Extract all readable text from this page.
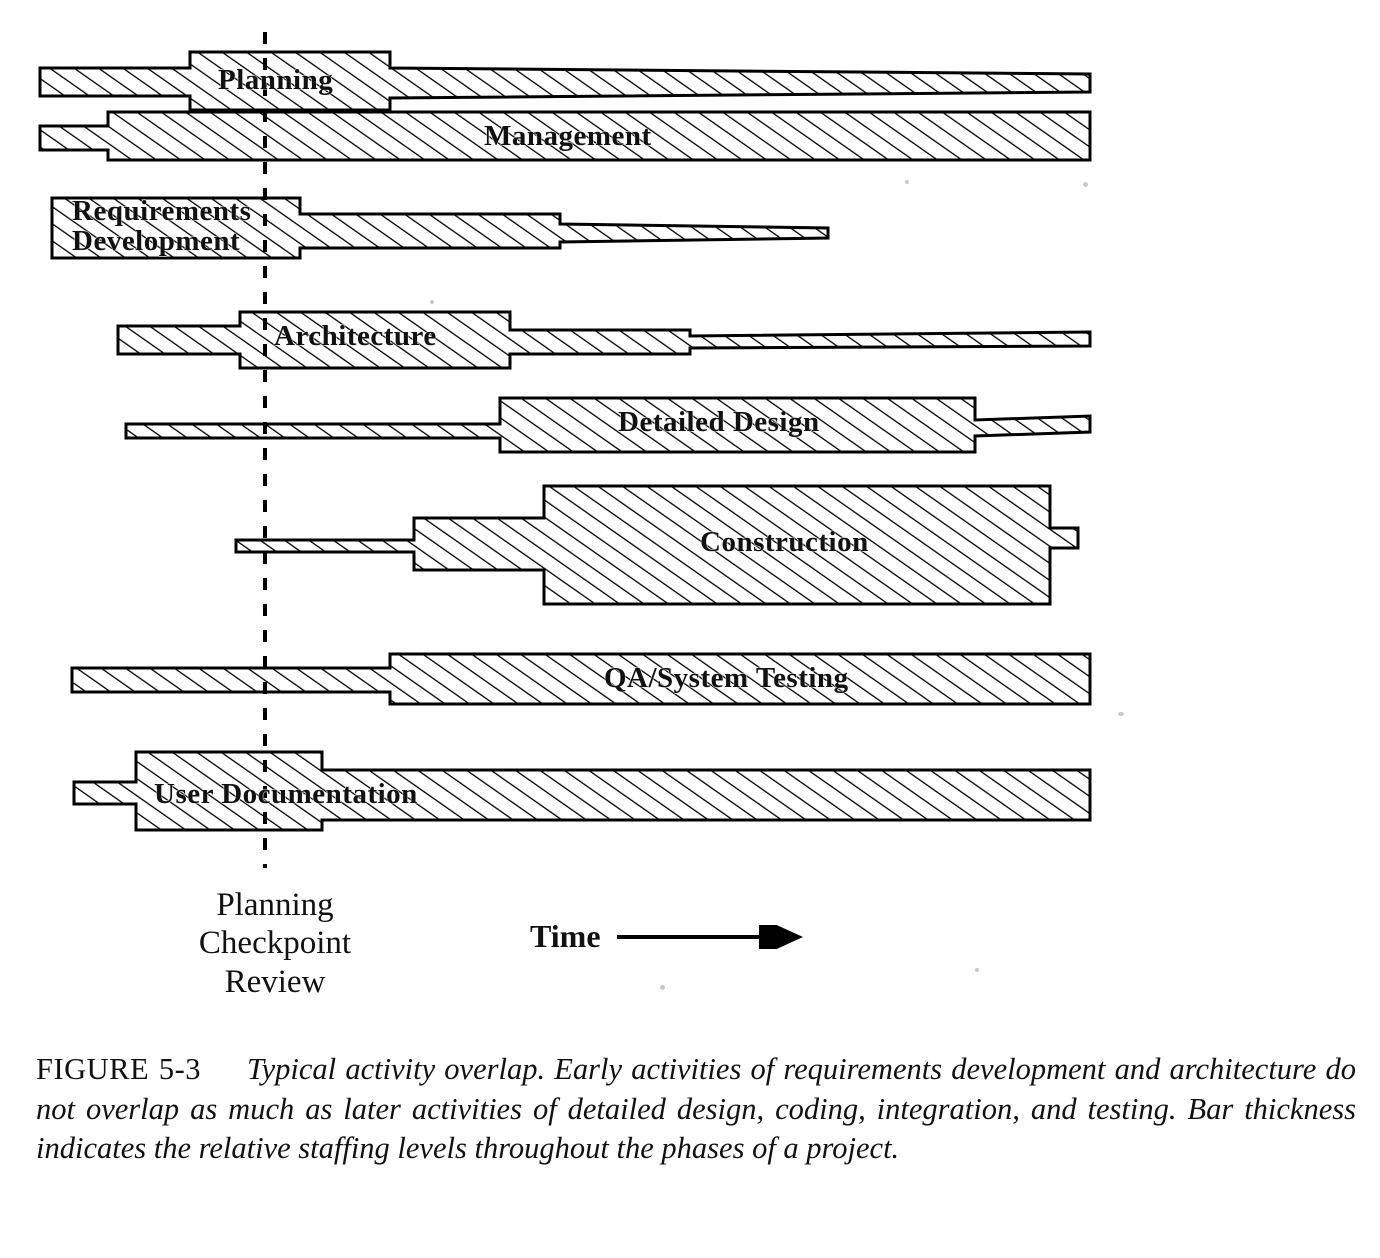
Planning
Management
Requirements
Development
Architecture
Detailed Design
Construction
QA/System Testing
User Documentation
Planning
Checkpoint
Review
Time
FIGURE 5-3 Typical activity overlap. Early activities of requirements development and architecture do not overlap as much as later activities of detailed design, coding, integration, and testing. Bar thickness indicates the relative staffing levels throughout the phases of a project.
